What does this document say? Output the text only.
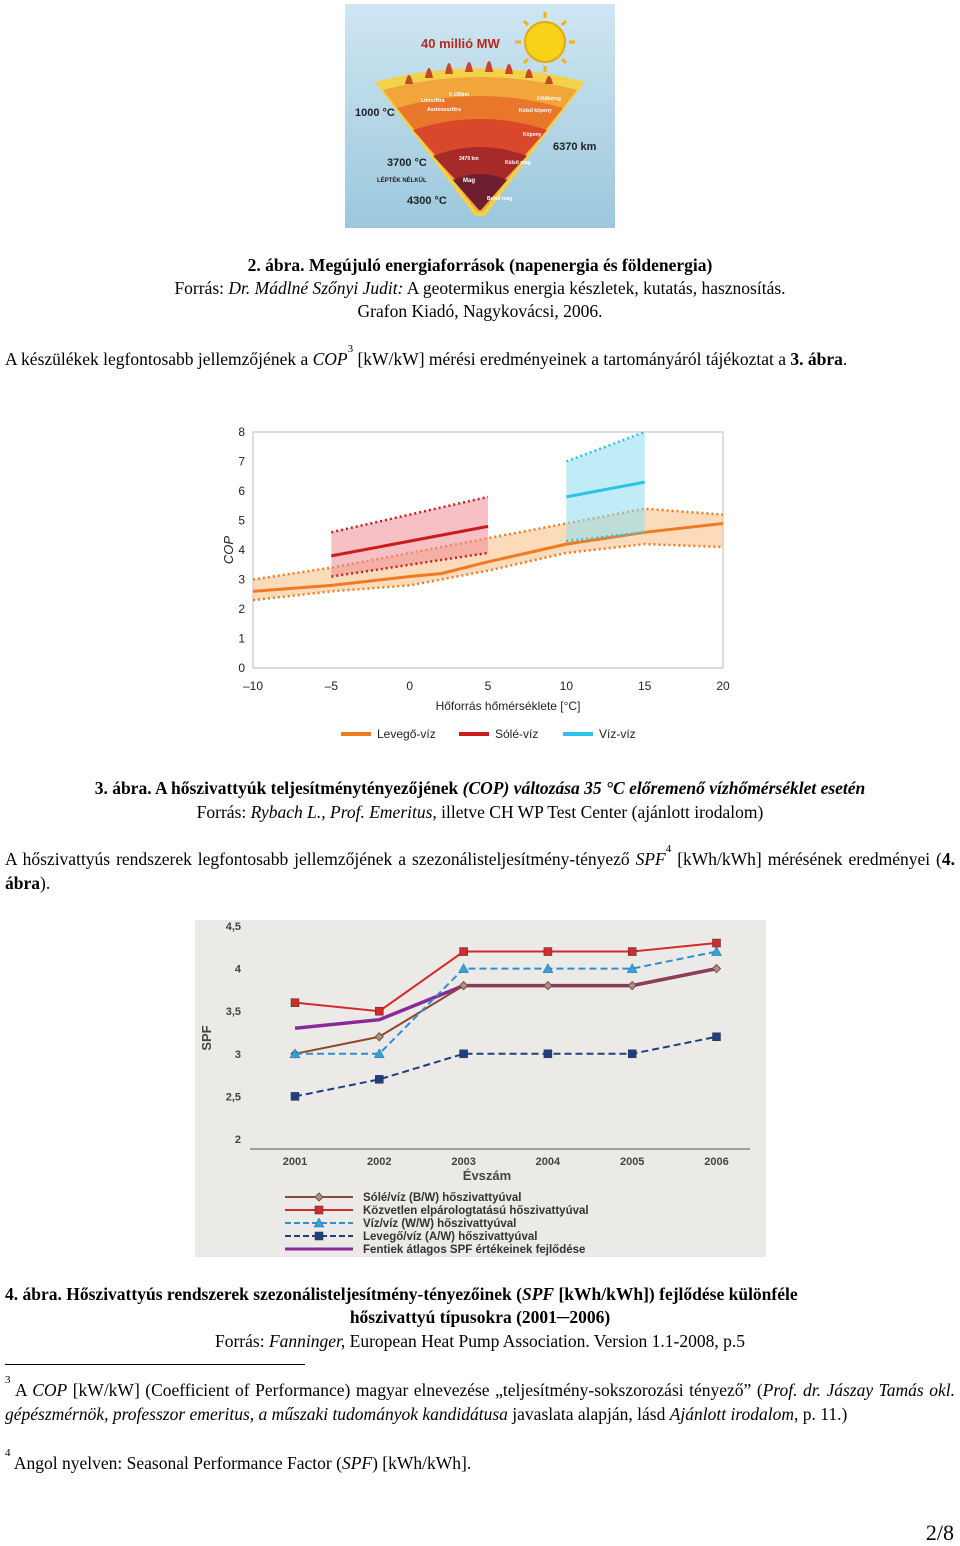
40 millió MW
1000 °C
3700 °C
LÉPTÉK NÉLKÜL
4300 °C
6370 km
0-100km
Litoszféra
Asztenoszféra
3470 km
Mag
Külső köpeny
Köpeny
Külső mag
Belső mag
Földkéreg
2. ábra. Megújuló energiaforrások (napenergia és földenergia)
Forrás: Dr. Mádlné Szőnyi Judit: A geotermikus energia készletek, kutatás, hasznosítás.
Grafon Kiadó, Nagykovácsi, 2006.
A készülékek legfontosabb jellemzőjének a COP$^3$ [kW/kW] mérési eredményeinek a tartományáról tájékoztat a 3. ábra.
0
1
2
3
4
5
6
7
8
–10	–5	0	5	10	15	20
Hőforrás hőmérséklete [°C]
COP
Levegő-víz	Sólé-víz	Víz-víz
3. ábra. A hőszivattyúk teljesítménytényezőjének (COP) változása 35 °C előremenő vízhőmérséklet esetén
Forrás: Rybach L., Prof. Emeritus, illetve CH WP Test Center (ajánlott irodalom)
A hőszivattyús rendszerek legfontosabb jellemzőjének a szezonálisteljesítmény-tényező SPF$^4$ [kWh/kWh] mérésének eredményei (4. ábra).
2
2,5
3
3,5
4
4,5
2001	2002	2003	2004	2005	2006
Évszám
SPF
Sólé/víz (B/W) hőszivattyúval
Közvetlen elpárologtatású hőszivattyúval
Víz/víz (W/W) hőszivattyúval
Levegő/víz (A/W) hőszivattyúval
Fentiek átlagos SPF értékeinek fejlődése
4. ábra. Hőszivattyús rendszerek szezonálisteljesítmény-tényezőinek (SPF [kWh/kWh]) fejlődése különféle
hőszivattyú típusokra (2001─2006)
Forrás: Fanninger, European Heat Pump Association. Version 1.1-2008, p.5
$^3$ A COP [kW/kW] (Coefficient of Performance) magyar elnevezése „teljesítmény-sokszorozási tényező” (Prof. dr. Jászay Tamás okl. gépészmérnök, professzor emeritus, a műszaki tudományok kandidátusa javaslata alapján, lásd Ajánlott irodalom, p. 11.)
$^4$ Angol nyelven: Seasonal Performance Factor (SPF) [kWh/kWh].
2/8
